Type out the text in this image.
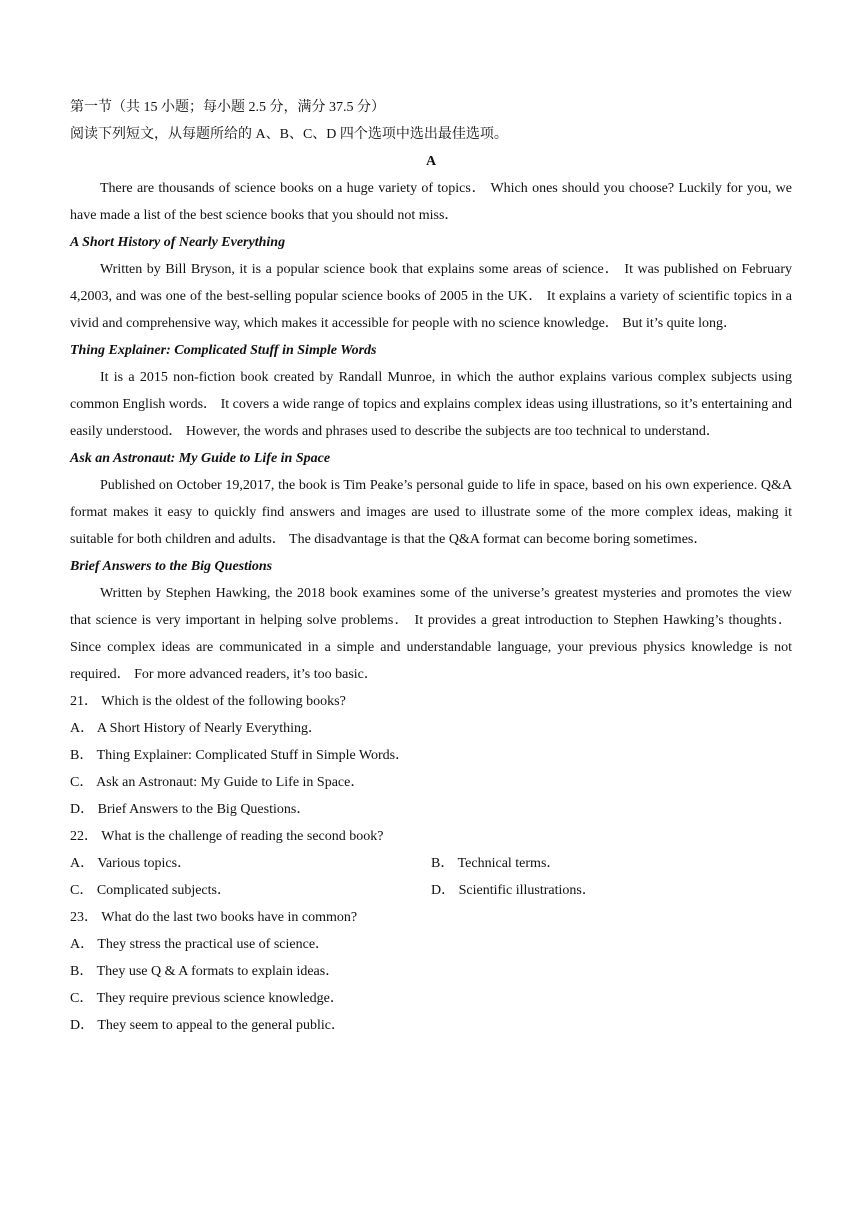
第一节（共 15 小题；每小题 2.5 分，满分 37.5 分）
阅读下列短文，从每题所给的 A、B、C、D 四个选项中选出最佳选项。
A
There are thousands of science books on a huge variety of topics． Which ones should you choose? Luckily for you, we have made a list of the best science books that you should not miss．
A Short History of Nearly Everything
Written by Bill Bryson, it is a popular science book that explains some areas of science． It was published on February 4,2003, and was one of the best-selling popular science books of 2005 in the UK． It explains a variety of scientific topics in a vivid and comprehensive way, which makes it accessible for people with no science knowledge． But it’s quite long．
Thing Explainer: Complicated Stuff in Simple Words
It is a 2015 non-fiction book created by Randall Munroe, in which the author explains various complex subjects using common English words． It covers a wide range of topics and explains complex ideas using illustrations, so it’s entertaining and easily understood． However, the words and phrases used to describe the subjects are too technical to understand．
Ask an Astronaut: My Guide to Life in Space
Published on October 19,2017, the book is Tim Peake’s personal guide to life in space, based on his own experience. Q&A format makes it easy to quickly find answers and images are used to illustrate some of the more complex ideas, making it suitable for both children and adults． The disadvantage is that the Q&A format can become boring sometimes．
Brief Answers to the Big Questions
Written by Stephen Hawking, the 2018 book examines some of the universe’s greatest mysteries and promotes the view that science is very important in helping solve problems． It provides a great introduction to Stephen Hawking’s thoughts． Since complex ideas are communicated in a simple and understandable language, your previous physics knowledge is not required． For more advanced readers, it’s too basic．
21． Which is the oldest of the following books?
A． A Short History of Nearly Everything．
B． Thing Explainer: Complicated Stuff in Simple Words．
C． Ask an Astronaut: My Guide to Life in Space．
D． Brief Answers to the Big Questions．
22． What is the challenge of reading the second book?
A． Various topics．	B． Technical terms．
C． Complicated subjects．	D． Scientific illustrations．
23． What do the last two books have in common?
A． They stress the practical use of science．
B． They use Q & A formats to explain ideas．
C． They require previous science knowledge．
D． They seem to appeal to the general public．
